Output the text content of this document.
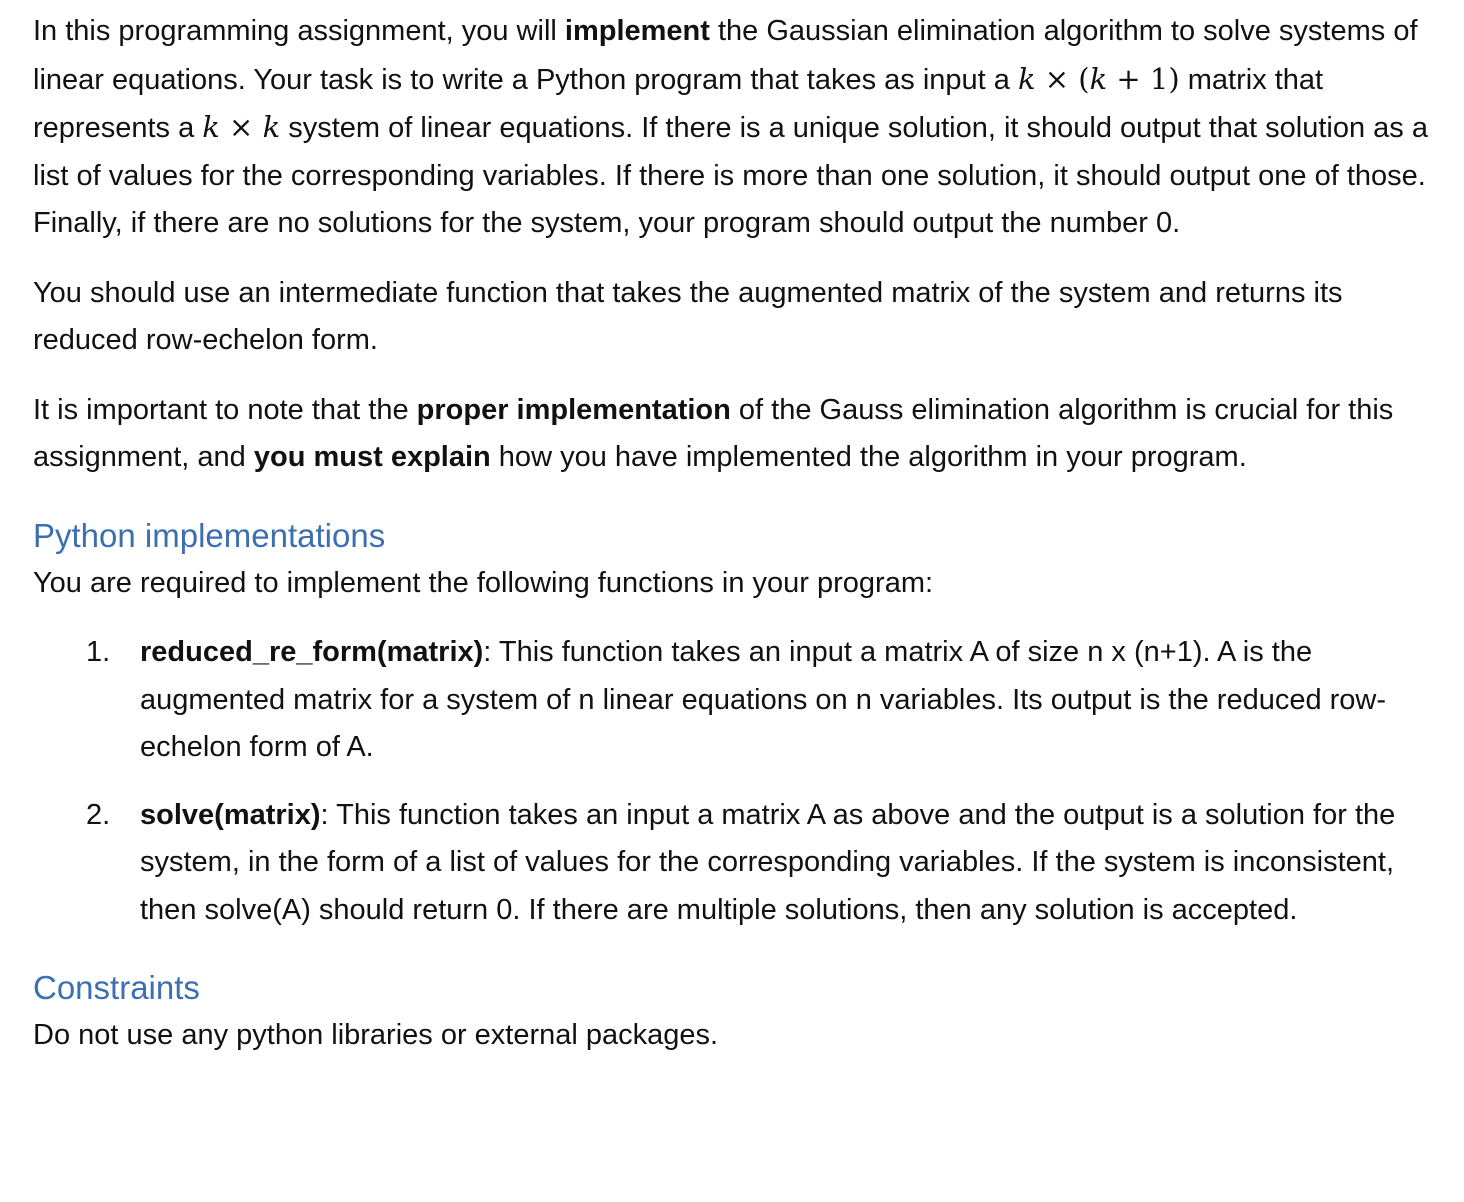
In this programming assignment, you will implement the Gaussian elimination algorithm to solve systems of linear equations. Your task is to write a Python program that takes as input a k × (k + 1) matrix that represents a k × k system of linear equations. If there is a unique solution, it should output that solution as a list of values for the corresponding variables. If there is more than one solution, it should output one of those. Finally, if there are no solutions for the system, your program should output the number 0.

You should use an intermediate function that takes the augmented matrix of the system and returns its reduced row-echelon form.

It is important to note that the proper implementation of the Gauss elimination algorithm is crucial for this assignment, and you must explain how you have implemented the algorithm in your program.

Python implementations

You are required to implement the following functions in your program:

1. reduced_re_form(matrix): This function takes an input a matrix A of size n x (n+1). A is the augmented matrix for a system of n linear equations on n variables. Its output is the reduced row-echelon form of A.
2. solve(matrix): This function takes an input a matrix A as above and the output is a solution for the system, in the form of a list of values for the corresponding variables. If the system is inconsistent, then solve(A) should return 0. If there are multiple solutions, then any solution is accepted.
Constraints

Do not use any python libraries or external packages.
